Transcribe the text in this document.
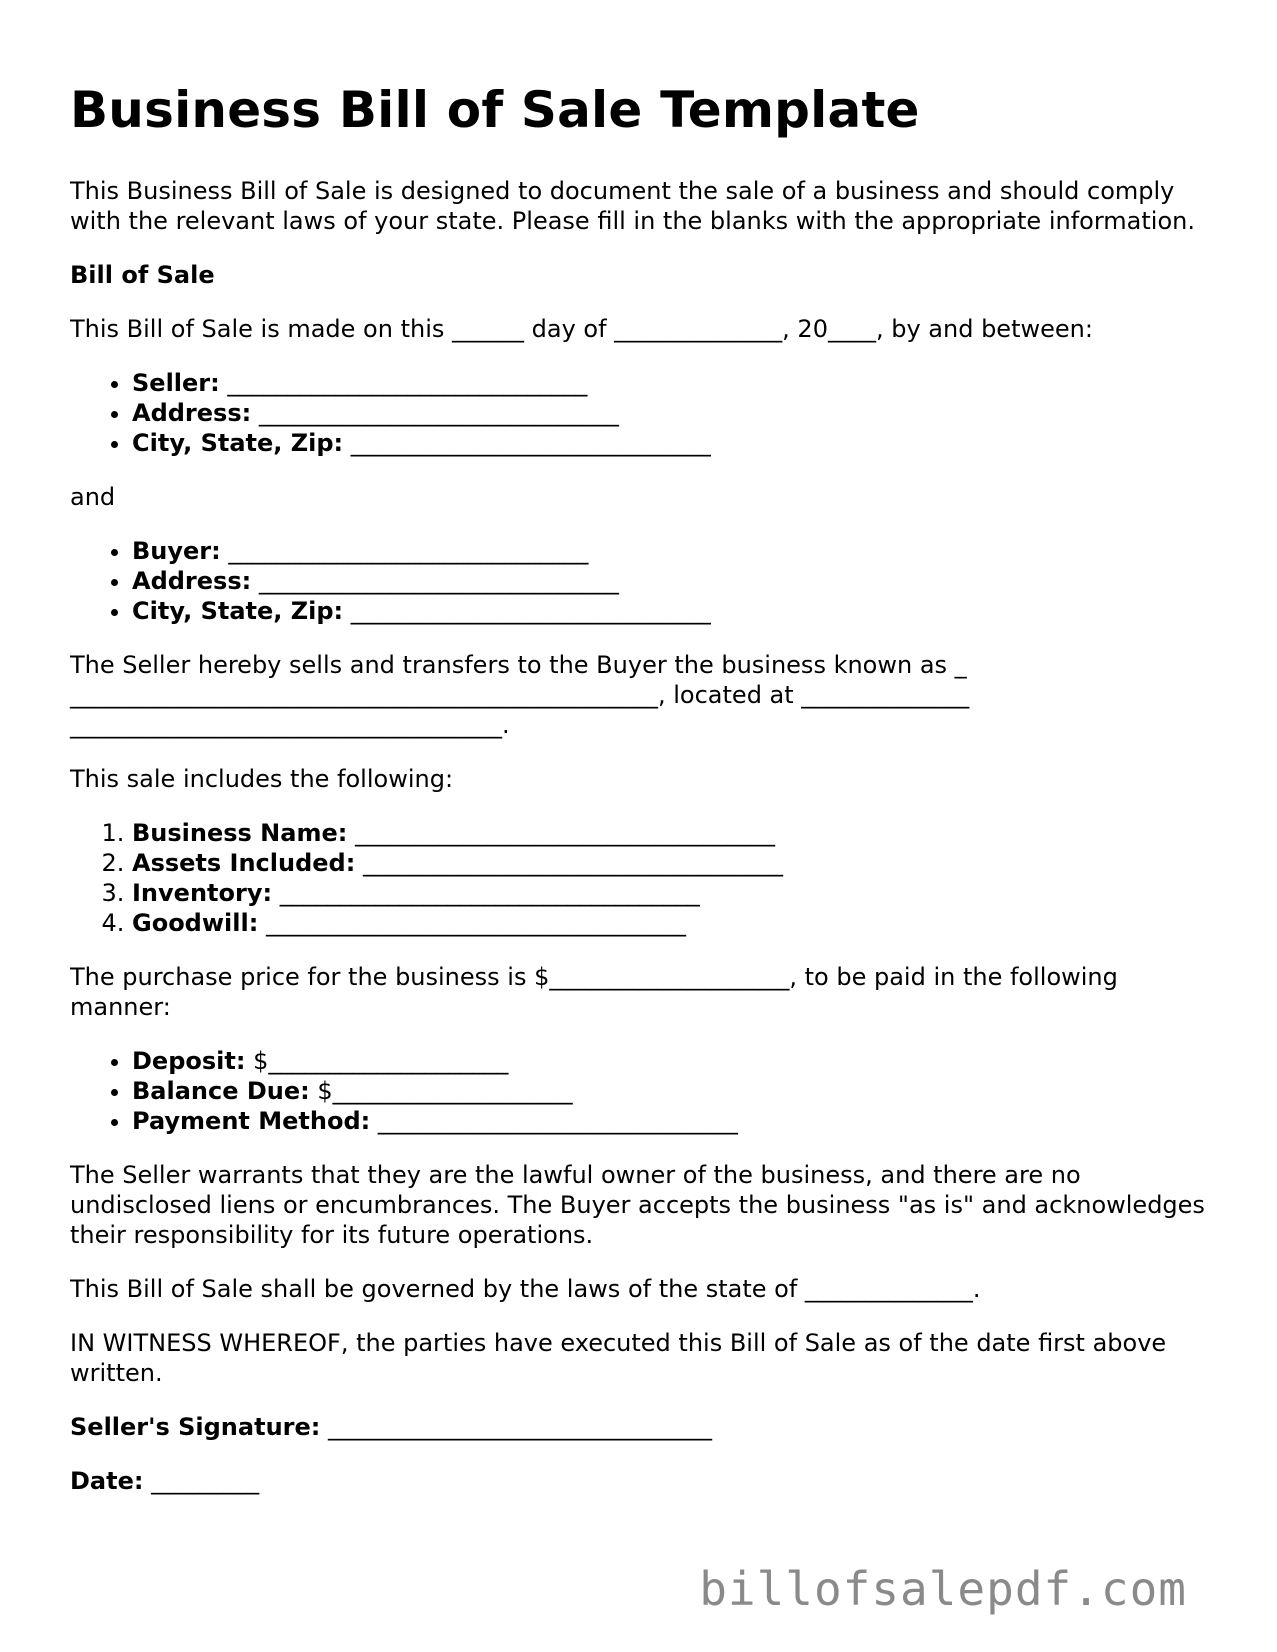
Business Bill of Sale Template

This Business Bill of Sale is designed to document the sale of a business and should comply with the relevant laws of your state. Please fill in the blanks with the appropriate information.

Bill of Sale

This Bill of Sale is made on this ______ day of ______________, 20____, by and between:

• Seller: ______________________________
• Address: ______________________________
• City, State, Zip: ______________________________

and

• Buyer: ______________________________
• Address: ______________________________
• City, State, Zip: ______________________________

The Seller hereby sells and transfers to the Buyer the business known as __________________________________________________, located at __________________________________________________.

This sale includes the following:

1. Business Name: ___________________________________
2. Assets Included: ___________________________________
3. Inventory: ___________________________________
4. Goodwill: ___________________________________

The purchase price for the business is $____________________, to be paid in the following manner:

• Deposit: $____________________
• Balance Due: $____________________
• Payment Method: ______________________________

The Seller warrants that they are the lawful owner of the business, and there are no undisclosed liens or encumbrances. The Buyer accepts the business "as is" and acknowledges their responsibility for its future operations.

This Bill of Sale shall be governed by the laws of the state of ______________.

IN WITNESS WHEREOF, the parties have executed this Bill of Sale as of the date first above written.

Seller's Signature: ________________________________

Date: _________

billofsalepdf.com
